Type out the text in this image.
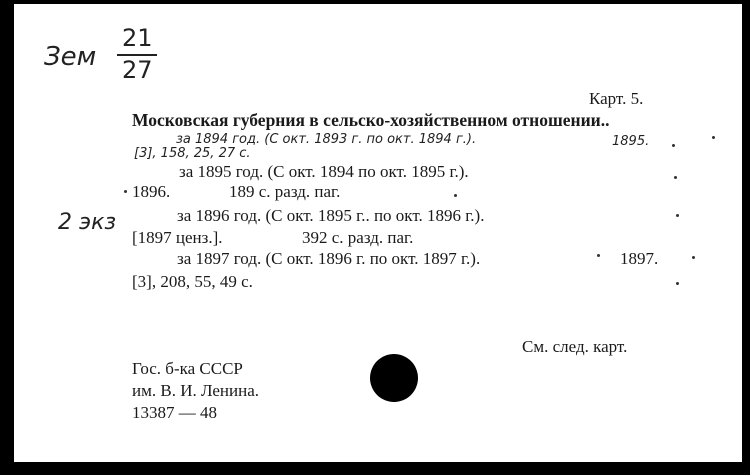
Зем
21
27
Карт. 5.
Московская губерния в сельско-хозяйственном отношении..
за 1894 год. (С окт. 1893 г. по окт. 1894 г.).	1895.
[3], 158, 25, 27 с.
за 1895 год. (С окт. 1894 по окт. 1895 г.).
1896.	189 с. разд. паг.
2 экз	за 1896 год. (С окт. 1895 г.. по окт. 1896 г.).
[1897 ценз.].	392 с. разд. паг.
за 1897 год. (С окт. 1896 г. по окт. 1897 г.).	1897.
[3], 208, 55, 49 с.
См. след. карт.
Гос. б-ка СССР
им. В. И. Ленина.
13387 — 48
